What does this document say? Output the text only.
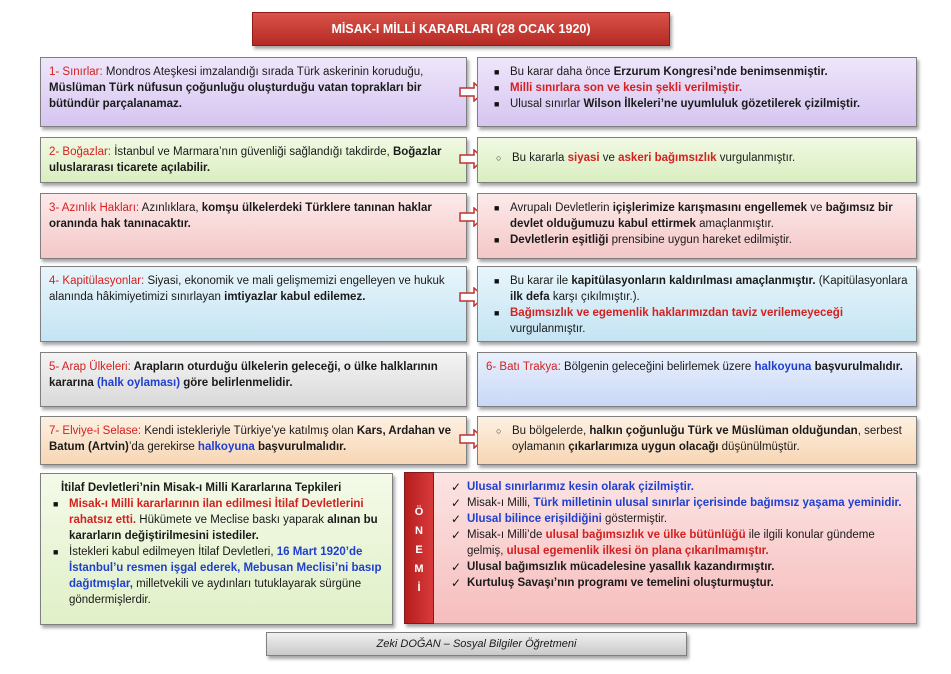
MİSAK-I MİLLİ KARARLARI (28 OCAK 1920)
1- Sınırlar: Mondros Ateşkesi imzalandığı sırada Türk askerinin koruduğu, Müslüman Türk nüfusun çoğunluğu oluşturduğu vatan toprakları bir bütündür parçalanamaz.
■ Bu karar daha önce Erzurum Kongresi’nde benimsenmiştir.
■ Milli sınırlara son ve kesin şekli verilmiştir.
■ Ulusal sınırlar Wilson İlkeleri’ne uyumluluk gözetilerek çizilmiştir.
2- Boğazlar: İstanbul ve Marmara’nın güvenliği sağlandığı takdirde, Boğazlar uluslararası ticarete açılabilir.
○ Bu kararla siyasi ve askeri bağımsızlık vurgulanmıştır.
3- Azınlık Hakları: Azınlıklara, komşu ülkelerdeki Türklere tanınan haklar oranında hak tanınacaktır.
■ Avrupalı Devletlerin içişlerimize karışmasını engellemek ve bağımsız bir devlet olduğumuzu kabul ettirmek amaçlanmıştır.
■ Devletlerin eşitliği prensibine uygun hareket edilmiştir.
4- Kapitülasyonlar: Siyasi, ekonomik ve mali gelişmemizi engelleyen ve hukuk alanında hâkimiyetimizi sınırlayan imtiyazlar kabul edilemez.
■ Bu karar ile kapitülasyonların kaldırılması amaçlanmıştır. (Kapitülasyonlara ilk defa karşı çıkılmıştır.).
■ Bağımsızlık ve egemenlik haklarımızdan taviz verilemeyeceği vurgulanmıştır.
5- Arap Ülkeleri: Arapların oturduğu ülkelerin geleceği, o ülke halklarının kararına (halk oylaması) göre belirlenmelidir.
6- Batı Trakya: Bölgenin geleceğini belirlemek üzere halkoyuna başvurulmalıdır.
7- Elviye-i Selase: Kendi istekleriyle Türkiye’ye katılmış olan Kars, Ardahan ve Batum (Artvin)’da gerekirse halkoyuna başvurulmalıdır.
○ Bu bölgelerde, halkın çoğunluğu Türk ve Müslüman olduğundan, serbest oylamanın çıkarlarımıza uygun olacağı düşünülmüştür.
İtilaf Devletleri’nin Misak-ı Milli Kararlarına Tepkileri
■ Misak-ı Milli kararlarının ilan edilmesi İtilaf Devletlerini rahatsız etti. Hükümete ve Meclise baskı yaparak alınan bu kararların değiştirilmesini istediler.
■ İstekleri kabul edilmeyen İtilaf Devletleri, 16 Mart 1920’de İstanbul’u resmen işgal ederek, Mebusan Meclisi’ni basıp dağıtmışlar, milletvekili ve aydınları tutuklayarak sürgüne göndermişlerdir.
✓ Ulusal sınırlarımız kesin olarak çizilmiştir.
✓ Misak-ı Milli, Türk milletinin ulusal sınırlar içerisinde bağımsız yaşama yeminidir.
✓ Ulusal bilince erişildiğini göstermiştir.
✓ Misak-ı Milli’de ulusal bağımsızlık ve ülke bütünlüğü ile ilgili konular gündeme gelmiş, ulusal egemenlik ilkesi ön plana çıkarılmamıştır.
✓ Ulusal bağımsızlık mücadelesine yasallık kazandırmıştır.
✓ Kurtuluş Savaşı’nın programı ve temelini oluşturmuştur.
Ö
N
E
M
İ
Zeki DOĞAN – Sosyal Bilgiler Öğretmeni
